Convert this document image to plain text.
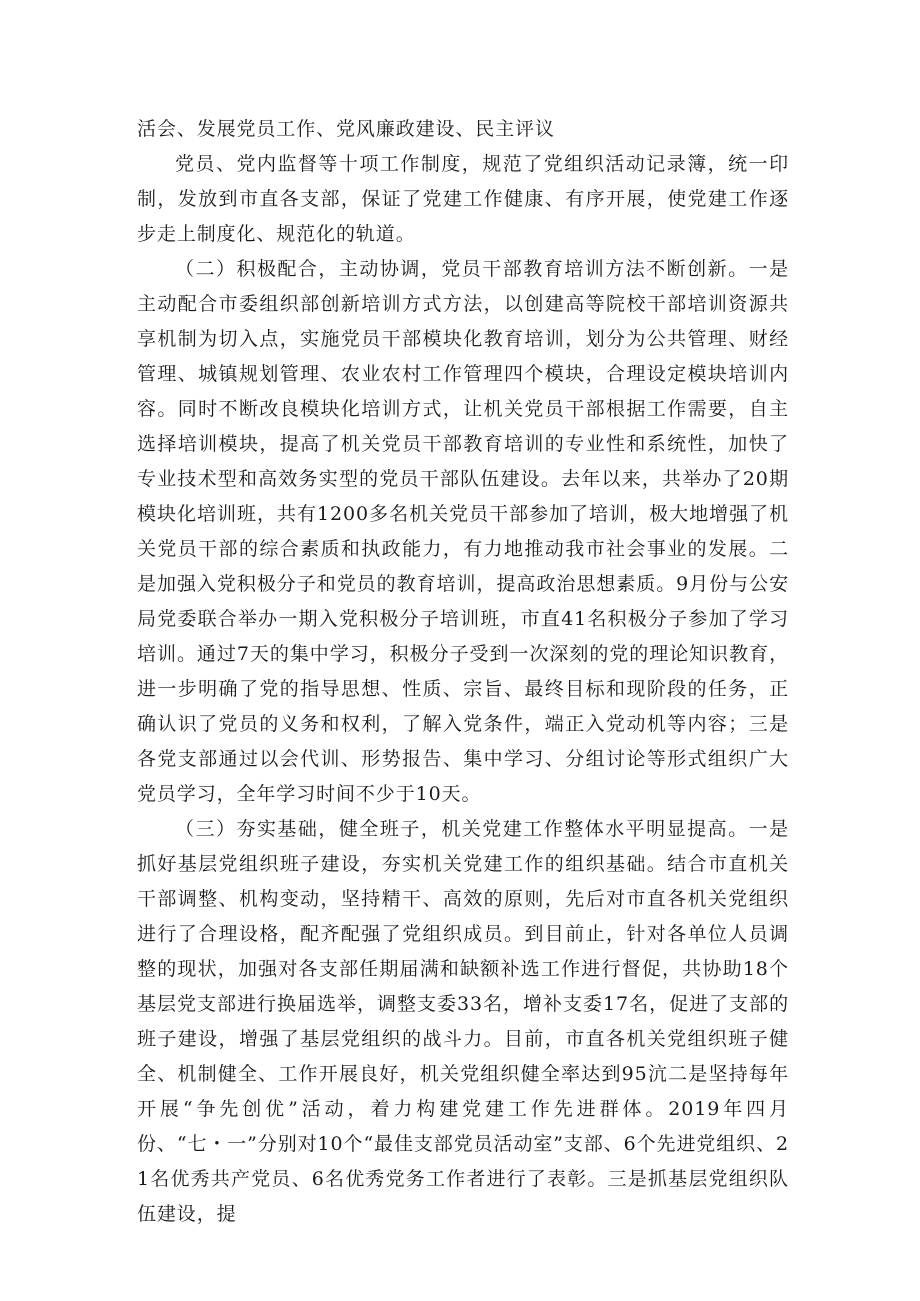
活会、发展党员工作、党风廉政建设、民主评议

党员、党内监督等十项工作制度，规范了党组织活动记录簿，统一印制，发放到市直各支部，保证了党建工作健康、有序开展，使党建工作逐步走上制度化、规范化的轨道。

（二）积极配合，主动协调，党员干部教育培训方法不断创新。一是主动配合市委组织部创新培训方式方法，以创建高等院校干部培训资源共享机制为切入点，实施党员干部模块化教育培训，划分为公共管理、财经管理、城镇规划管理、农业农村工作管理四个模块，合理设定模块培训内容。同时不断改良模块化培训方式，让机关党员干部根据工作需要，自主选择培训模块，提高了机关党员干部教育培训的专业性和系统性，加快了专业技术型和高效务实型的党员干部队伍建设。去年以来，共举办了20期模块化培训班，共有1200多名机关党员干部参加了培训，极大地增强了机关党员干部的综合素质和执政能力，有力地推动我市社会事业的发展。二是加强入党积极分子和党员的教育培训，提高政治思想素质。9月份与公安局党委联合举办一期入党积极分子培训班，市直41名积极分子参加了学习培训。通过7天的集中学习，积极分子受到一次深刻的党的理论知识教育，进一步明确了党的指导思想、性质、宗旨、最终目标和现阶段的任务，正确认识了党员的义务和权利，了解入党条件，端正入党动机等内容；三是各党支部通过以会代训、形势报告、集中学习、分组讨论等形式组织广大党员学习，全年学习时间不少于10天。

（三）夯实基础，健全班子，机关党建工作整体水平明显提高。一是抓好基层党组织班子建设，夯实机关党建工作的组织基础。结合市直机关干部调整、机构变动，坚持精干、高效的原则，先后对市直各机关党组织进行了合理设格，配齐配强了党组织成员。到目前止，针对各单位人员调整的现状，加强对各支部任期届满和缺额补选工作进行督促，共协助18个基层党支部进行换届选举，调整支委33名，增补支委17名，促进了支部的班子建设，增强了基层党组织的战斗力。目前，市直各机关党组织班子健全、机制健全、工作开展良好，机关党组织健全率达到95沆二是坚持每年开展“争先创优”活动，着力构建党建工作先进群体。2019年四月份、“七・一”分别对10个“最佳支部党员活动室”支部、6个先进党组织、21名优秀共产党员、6名优秀党务工作者进行了表彰。三是抓基层党组织队伍建设，提
